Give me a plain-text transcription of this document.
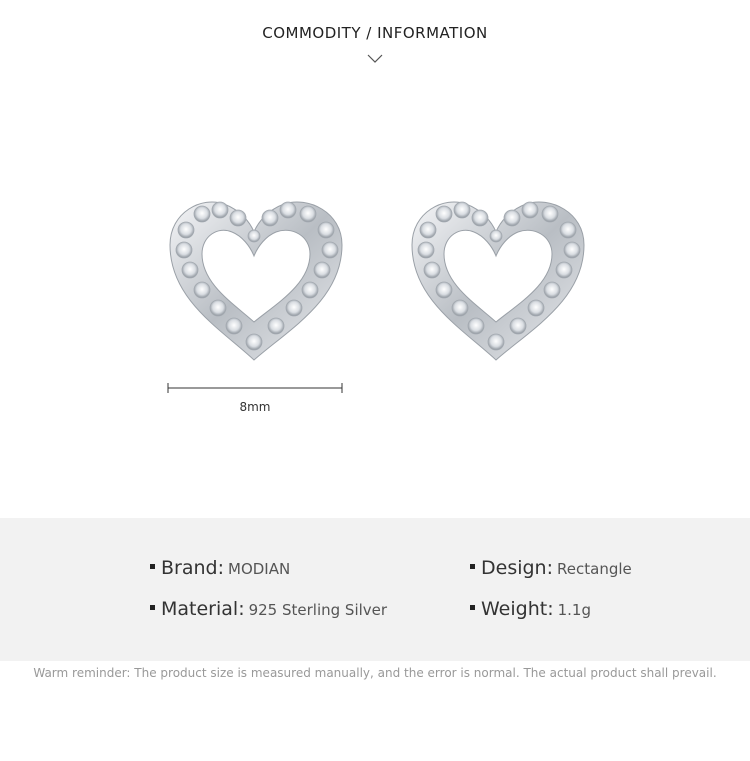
COMMODITY / INFORMATION
8mm
Brand: MODIAN	Design: Rectangle
Material: 925 Sterling Silver	Weight: 1.1g
Warm reminder: The product size is measured manually, and the error is normal. The actual product shall prevail.
